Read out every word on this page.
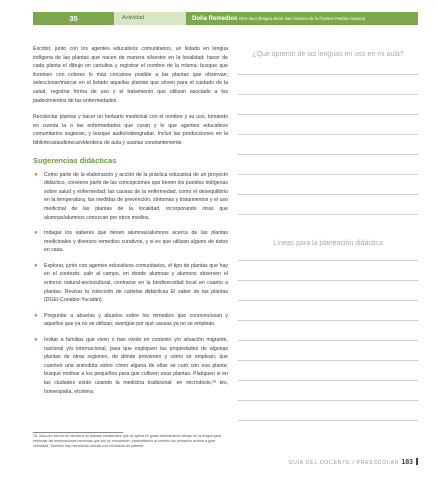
35	Actividad	Doña Remedios Ra'a tnuu (lengua da'an davi-mixteco de la frontera Puebla-Oaxaca)

Escribir, junto con los agentes educativos comunitarios, un listado en lengua indígena de las plantas que nacen de manera silvestre en la localidad; hacer de cada planta el dibujo en cartulina y registrar el nombre de la misma; busque que iluminen con colores lo más cercanos posible a las plantas que observan; seleccionar/marcar en el listado aquellas plantas que sirven para el cuidado de la salud, registrar forma de uso y el tratamiento que utilizan asociado a los padecimientos de las enfermedades.

Recolectar plantas y hacer un herbario medicinal con el nombre y su uso, tomando en cuenta la o las enfermedades que curan y lo que agentes educativos comunitarios sugieran, y busque audio/videograbar. Incluir las producciones en la biblioteca/audioteca/videoteca de aula y usarlas constantemente.

Sugerencias didácticas
● Como parte de la elaboración y acción de la práctica educativa de un proyecto didáctico, conviene partir de las concepciones que tienen los pueblos indígenas sobre salud y enfermedad; las causas de la enfermedad, como el desequilibrio en la temperatura, las medidas de prevención, síntomas y tratamientos y el uso medicinal de las plantas de la localidad, incorporando otras que alumnas/alumnos conozcan por otros medios.
● Indagar los saberes que tienen alumnas/alumnos acerca de las plantas medicinales y diversos remedios curativos, y si es que utilizan alguno de éstos en casa.
● Explorar, junto con agentes educativos comunitarios, el tipo de plantas que hay en el contexto; salir al campo, en donde alumnas y alumnos observen el entorno natural-sociocultural, centrarse en la biodiversidad local en cuanto a plantas. Revisar la colección de cartelas didácticas El saber de las plantas (DGEI-Conabio-Yucatán).
● Preguntar a abuelas y abuelos sobre los remedios que conocen/usan y aquellos que ya no se utilizan; averigüe por qué causas ya no se emplean.
● Invitar a familias que viven o han vivido en contexto y/o situación migrante, nacional y/o internacional, para que expliquen las propiedades de algunas plantas de otras regiones, de dónde provienen y cómo se emplean; que cuenten una anécdota sobre cómo alguna de ellas se curó con esa planta; busque motivar a los pequeños para que cultiven esas plantas. Platíquen si en las ciudades están usando la medicina tradicional: en microdosis,¹⁸ tés, homeopatía, etcétera.
18. Solución hecha de extractos de plantas medicinales que se aplica en gotas directamente debajo de la lengua para estimular las terminaciones nerviosas que ahí se encuentran, transmitiendo al cerebro los principios activos a gran velocidad. También hay microdosis hechas con medicinas de patente.
¿Qué aprendí de las lenguas en uso en mi aula?
Líneas para la planeación didáctica
GUÍA DEL DOCENTE / PREESCOLAR 183
